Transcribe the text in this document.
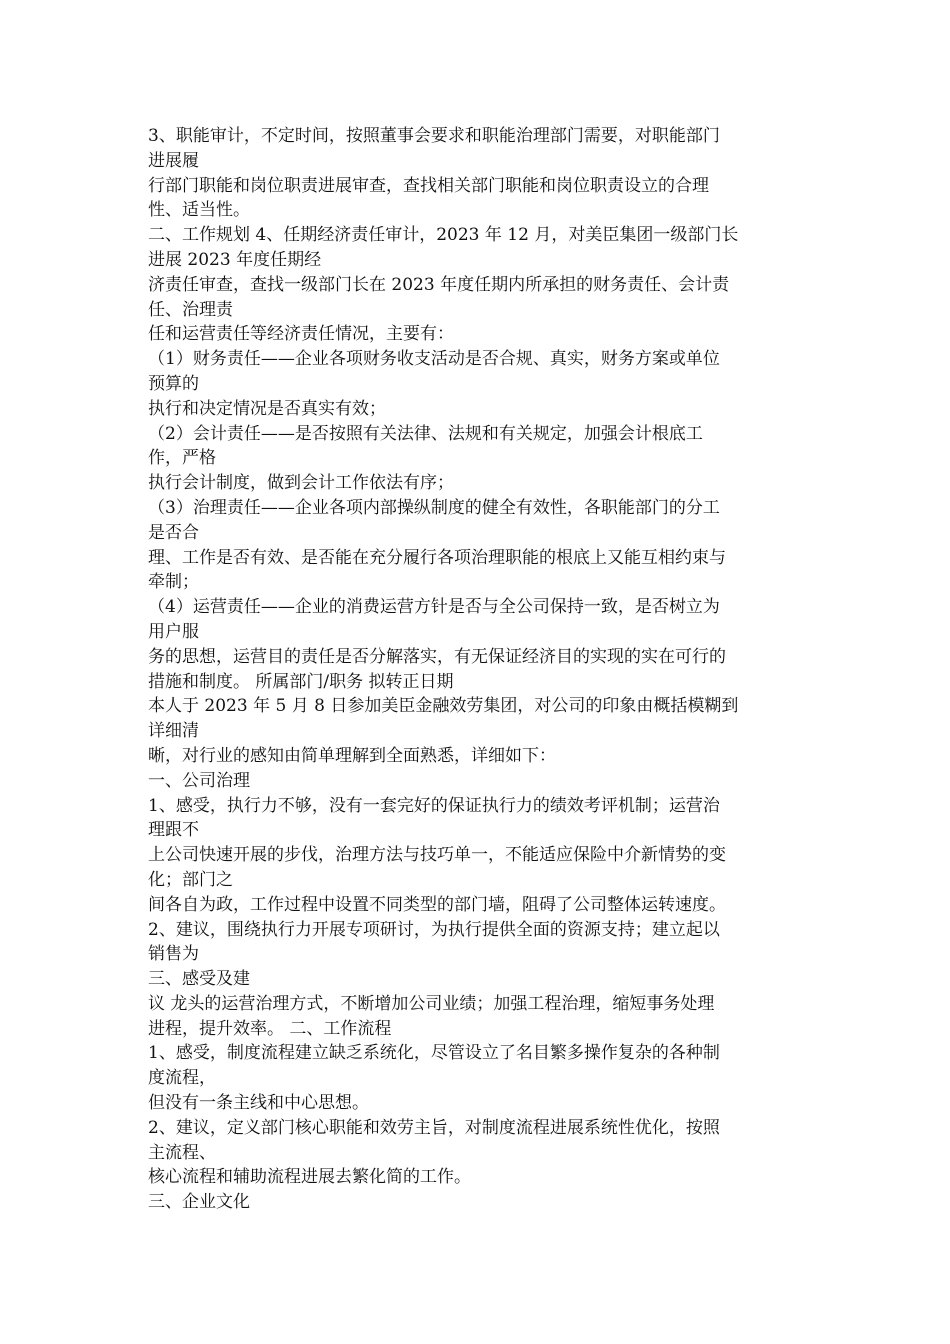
3、职能审计，不定时间，按照董事会要求和职能治理部门需要，对职能部门
进展履
行部门职能和岗位职责进展审查，查找相关部门职能和岗位职责设立的合理
性、适当性。
二、工作规划 4、任期经济责任审计，2023 年 12 月，对美臣集团一级部门长
进展 2023 年度任期经
济责任审查，查找一级部门长在 2023 年度任期内所承担的财务责任、会计责
任、治理责
任和运营责任等经济责任情况，主要有：
（1）财务责任——企业各项财务收支活动是否合规、真实，财务方案或单位
预算的
执行和决定情况是否真实有效；
（2）会计责任——是否按照有关法律、法规和有关规定，加强会计根底工
作，严格
执行会计制度，做到会计工作依法有序；
（3）治理责任——企业各项内部操纵制度的健全有效性，各职能部门的分工
是否合
理、工作是否有效、是否能在充分履行各项治理职能的根底上又能互相约束与
牵制；
（4）运营责任——企业的消费运营方针是否与全公司保持一致，是否树立为
用户服
务的思想，运营目的责任是否分解落实，有无保证经济目的实现的实在可行的
措施和制度。 所属部门/职务 拟转正日期
本人于 2023 年 5 月 8 日参加美臣金融效劳集团，对公司的印象由概括模糊到
详细清
晰，对行业的感知由简单理解到全面熟悉，详细如下：
一、公司治理
1、感受，执行力不够，没有一套完好的保证执行力的绩效考评机制；运营治
理跟不
上公司快速开展的步伐，治理方法与技巧单一，不能适应保险中介新情势的变
化；部门之
间各自为政，工作过程中设置不同类型的部门墙，阻碍了公司整体运转速度。
2、建议，围绕执行力开展专项研讨，为执行提供全面的资源支持；建立起以
销售为
三、感受及建
议 龙头的运营治理方式，不断增加公司业绩；加强工程治理，缩短事务处理
进程，提升效率。 二、工作流程
1、感受，制度流程建立缺乏系统化，尽管设立了名目繁多操作复杂的各种制
度流程，
但没有一条主线和中心思想。
2、建议，定义部门核心职能和效劳主旨，对制度流程进展系统性优化，按照
主流程、
核心流程和辅助流程进展去繁化简的工作。
三、企业文化
